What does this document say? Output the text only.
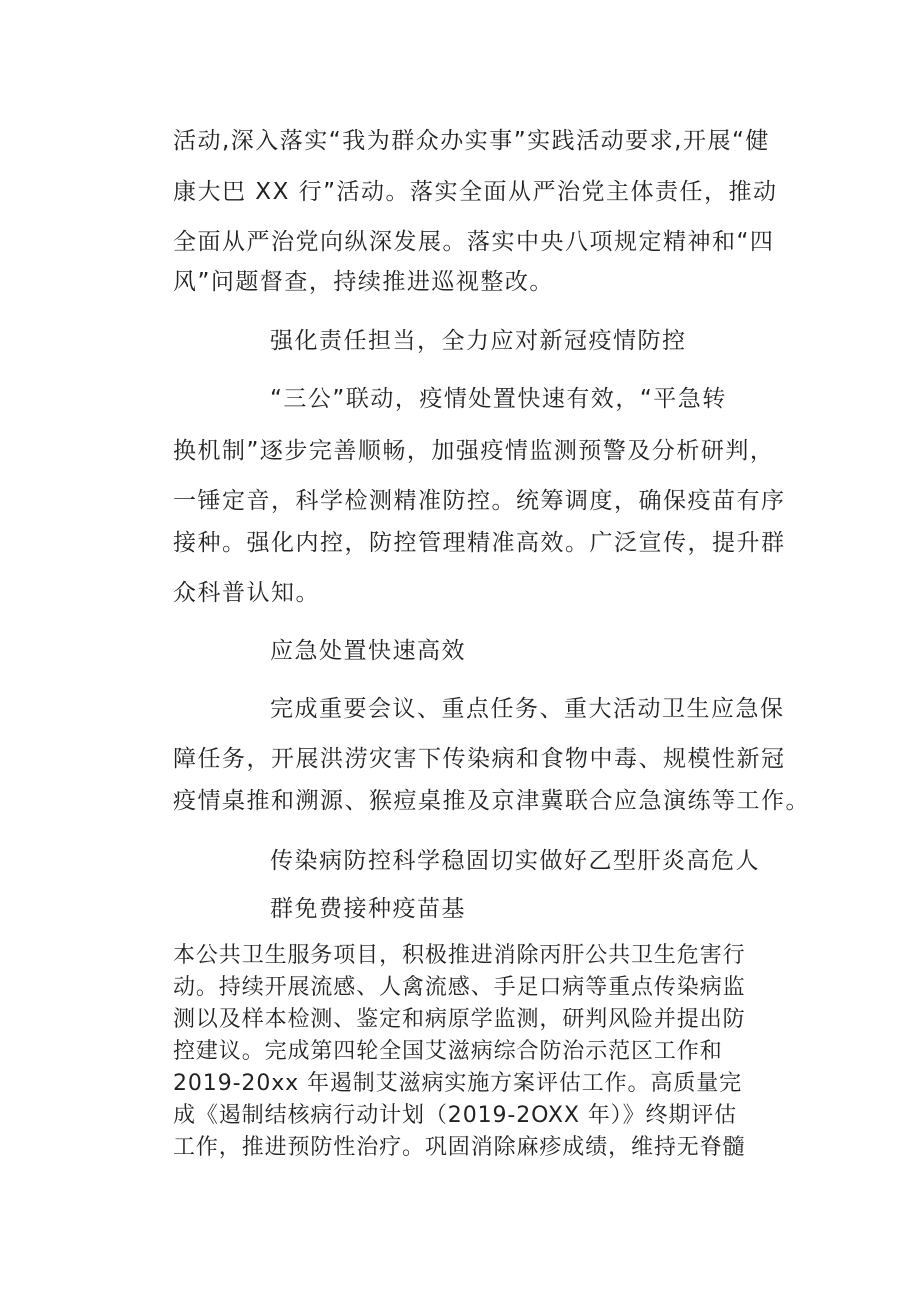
活动,深入落实“我为群众办实事”实践活动要求,开展“健
康大巴 XX 行”活动。落实全面从严治党主体责任，推动
全面从严治党向纵深发展。落实中央八项规定精神和“四
风”问题督查，持续推进巡视整改。
强化责任担当，全力应对新冠疫情防控
“三公”联动，疫情处置快速有效，“平急转
换机制”逐步完善顺畅，加强疫情监测预警及分析研判，
一锤定音，科学检测精准防控。统筹调度，确保疫苗有序
接种。强化内控，防控管理精准高效。广泛宣传，提升群
众科普认知。
应急处置快速高效
完成重要会议、重点任务、重大活动卫生应急保
障任务，开展洪涝灾害下传染病和食物中毒、规模性新冠
疫情桌推和溯源、猴痘桌推及京津冀联合应急演练等工作。
传染病防控科学稳固切实做好乙型肝炎高危人
群免费接种疫苗基
本公共卫生服务项目，积极推进消除丙肝公共卫生危害行
动。持续开展流感、人禽流感、手足口病等重点传染病监
测以及样本检测、鉴定和病原学监测，研判风险并提出防
控建议。完成第四轮全国艾滋病综合防治示范区工作和
2019-20xx 年遏制艾滋病实施方案评估工作。高质量完
成《遏制结核病行动计划（2019-2OXX 年）》终期评估
工作，推进预防性治疗。巩固消除麻疹成绩，维持无脊髓
